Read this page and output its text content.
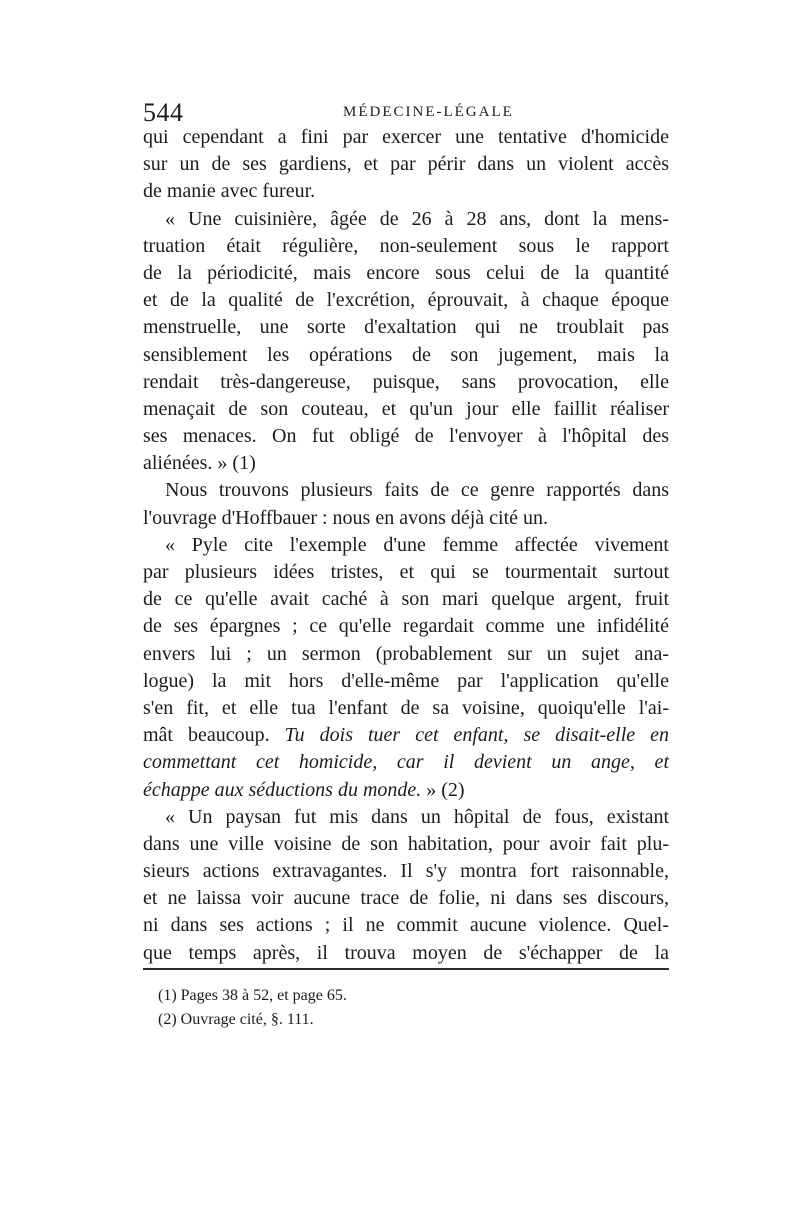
544	MÉDECINE-LÉGALE
qui cependant a fini par exercer une tentative d'homicide
sur un de ses gardiens, et par périr dans un violent accès
de manie avec fureur.
« Une cuisinière, âgée de 26 à 28 ans, dont la mens-
truation était régulière, non-seulement sous le rapport
de la périodicité, mais encore sous celui de la quantité
et de la qualité de l'excrétion, éprouvait, à chaque époque
menstruelle, une sorte d'exaltation qui ne troublait pas
sensiblement les opérations de son jugement, mais la
rendait très-dangereuse, puisque, sans provocation, elle
menaçait de son couteau, et qu'un jour elle faillit réaliser
ses menaces. On fut obligé de l'envoyer à l'hôpital des
aliénées. » (1)
Nous trouvons plusieurs faits de ce genre rapportés dans
l'ouvrage d'Hoffbauer : nous en avons déjà cité un.
« Pyle cite l'exemple d'une femme affectée vivement
par plusieurs idées tristes, et qui se tourmentait surtout
de ce qu'elle avait caché à son mari quelque argent, fruit
de ses épargnes ; ce qu'elle regardait comme une infidélité
envers lui ; un sermon (probablement sur un sujet ana-
logue) la mit hors d'elle-même par l'application qu'elle
s'en fit, et elle tua l'enfant de sa voisine, quoiqu'elle l'ai-
mât beaucoup. Tu dois tuer cet enfant, se disait-elle en
commettant cet homicide, car il devient un ange, et
échappe aux séductions du monde. » (2)
« Un paysan fut mis dans un hôpital de fous, existant
dans une ville voisine de son habitation, pour avoir fait plu-
sieurs actions extravagantes. Il s'y montra fort raisonnable,
et ne laissa voir aucune trace de folie, ni dans ses discours,
ni dans ses actions ; il ne commit aucune violence. Quel-
que temps après, il trouva moyen de s'échapper de la
(1) Pages 38 à 52, et page 65.
(2) Ouvrage cité, §. 111.
